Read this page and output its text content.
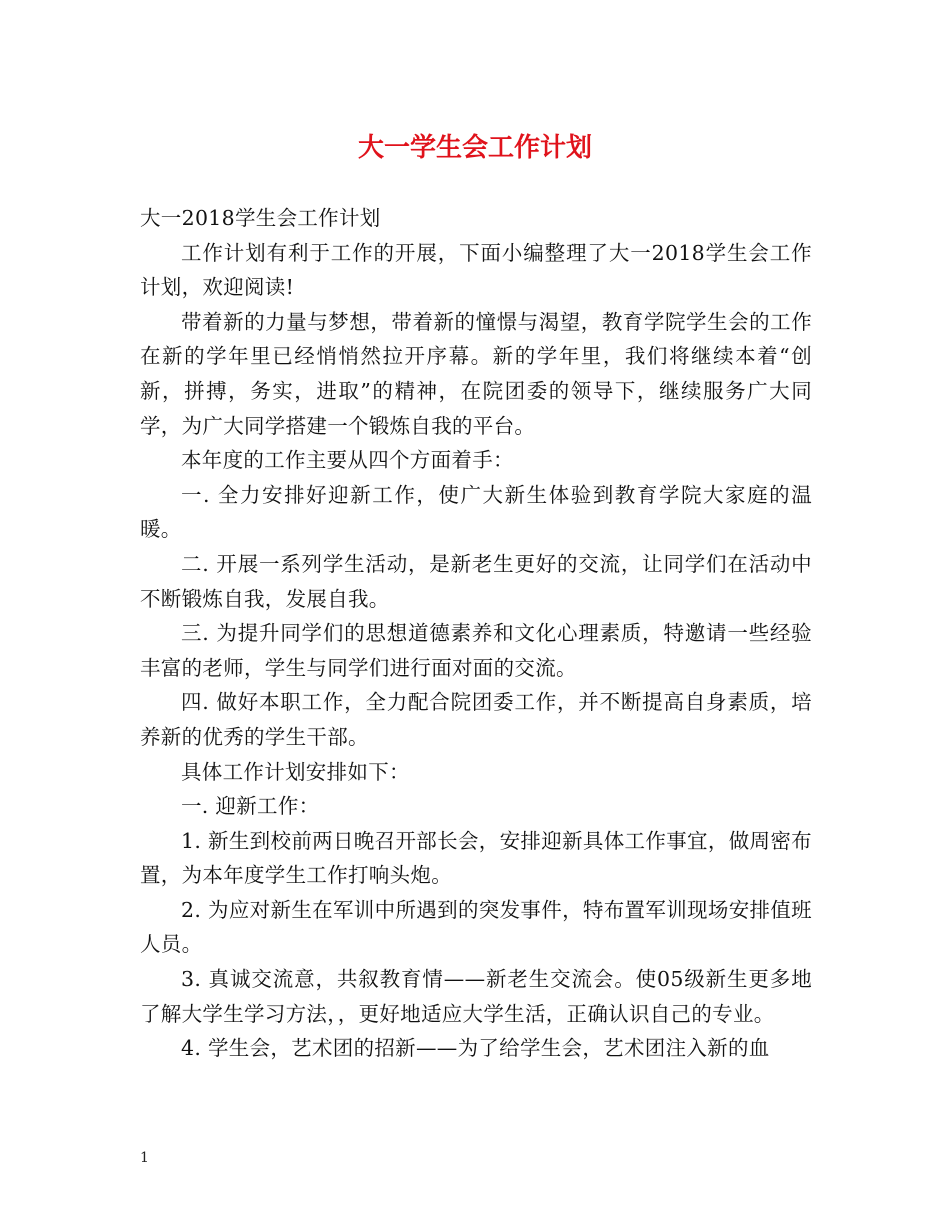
大一学生会工作计划

大一2018学生会工作计划

工作计划有利于工作的开展，下面小编整理了大一2018学生会工作计划，欢迎阅读!

带着新的力量与梦想，带着新的憧憬与渴望，教育学院学生会的工作在新的学年里已经悄悄然拉开序幕。新的学年里，我们将继续本着“创新，拼搏，务实，进取”的精神，在院团委的领导下，继续服务广大同学，为广大同学搭建一个锻炼自我的平台。

本年度的工作主要从四个方面着手：

一. 全力安排好迎新工作，使广大新生体验到教育学院大家庭的温暖。

二. 开展一系列学生活动，是新老生更好的交流，让同学们在活动中不断锻炼自我，发展自我。

三. 为提升同学们的思想道德素养和文化心理素质，特邀请一些经验丰富的老师，学生与同学们进行面对面的交流。

四. 做好本职工作，全力配合院团委工作，并不断提高自身素质，培养新的优秀的学生干部。

具体工作计划安排如下：

一. 迎新工作：

1. 新生到校前两日晚召开部长会，安排迎新具体工作事宜，做周密布置，为本年度学生工作打响头炮。

2. 为应对新生在军训中所遇到的突发事件，特布置军训现场安排值班人员。

3. 真诚交流意，共叙教育情——新老生交流会。使05级新生更多地了解大学生学习方法，，更好地适应大学生活，正确认识自己的专业。

4. 学生会，艺术团的招新——为了给学生会，艺术团注入新的血

1
